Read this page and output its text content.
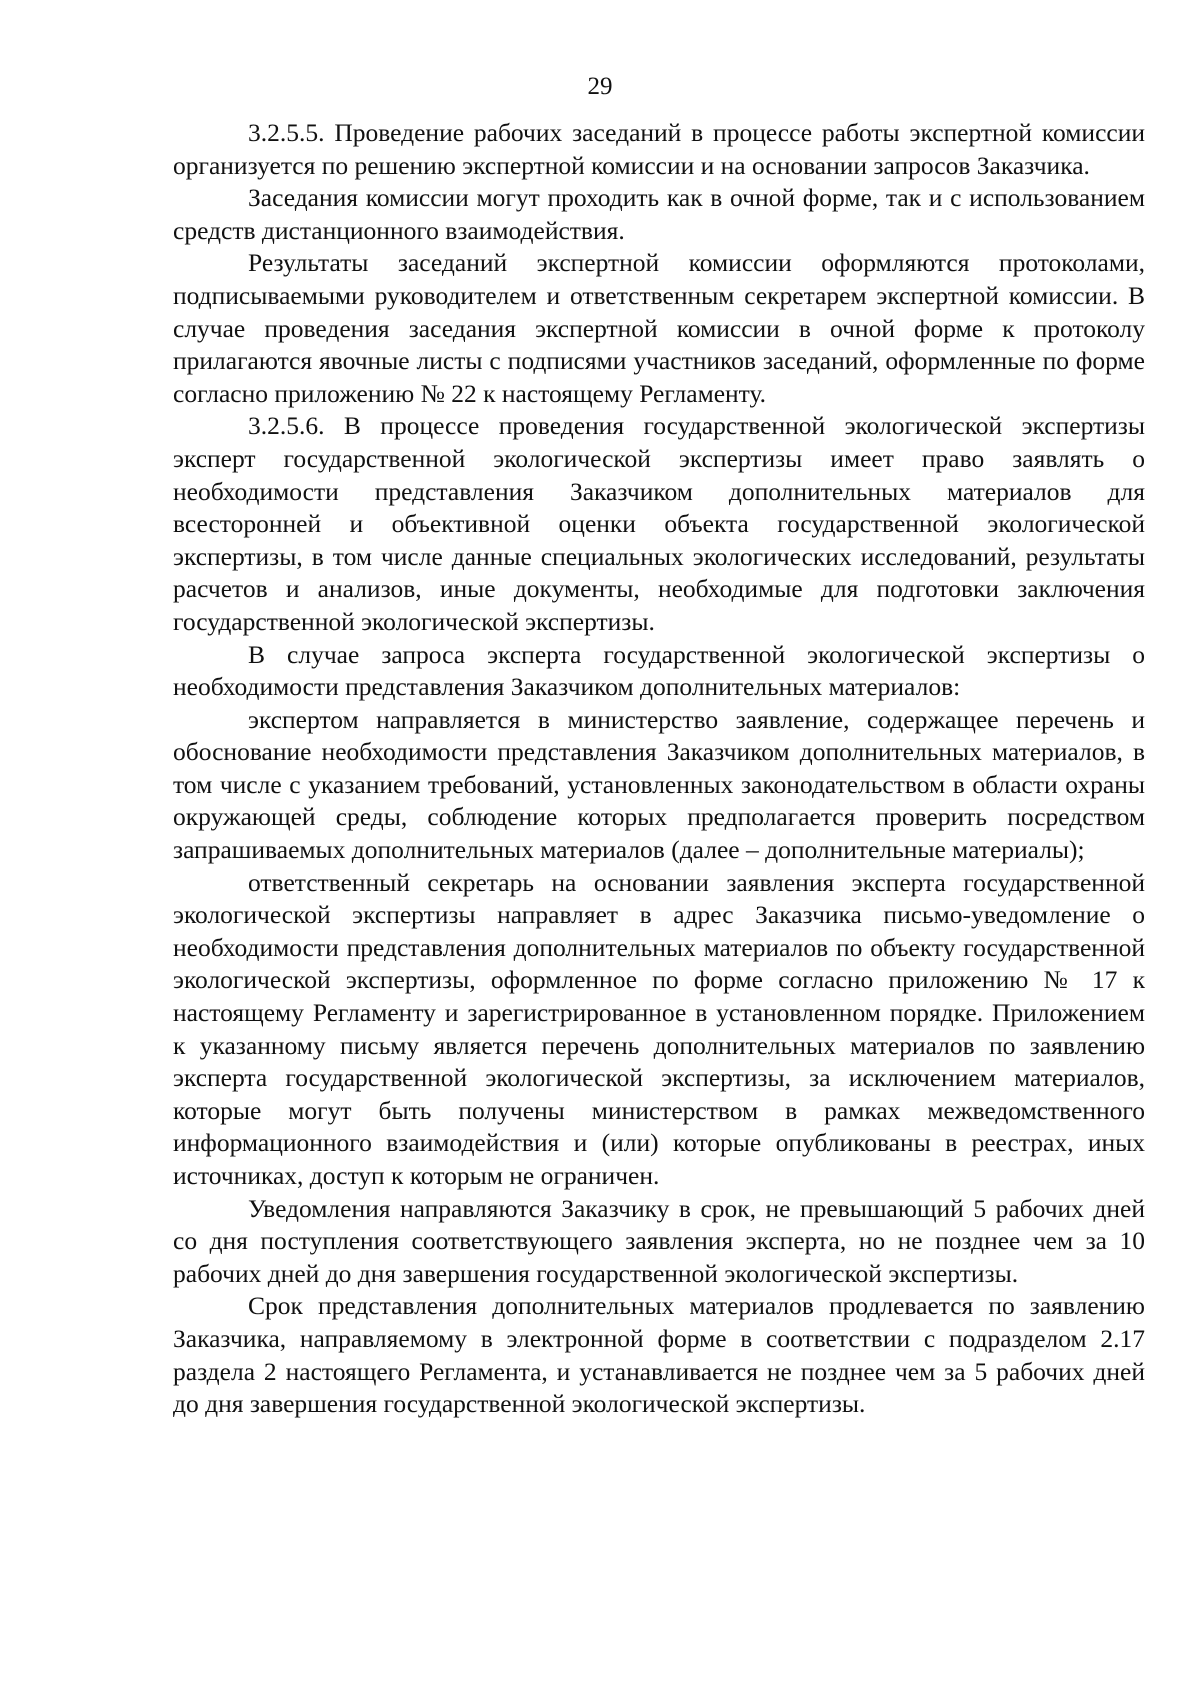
29

3.2.5.5. Проведение рабочих заседаний в процессе работы экспертной комиссии организуется по решению экспертной комиссии и на основании запросов Заказчика.

Заседания комиссии могут проходить как в очной форме, так и с использованием средств дистанционного взаимодействия.

Результаты заседаний экспертной комиссии оформляются протоколами, подписываемыми руководителем и ответственным секретарем экспертной комиссии. В случае проведения заседания экспертной комиссии в очной форме к протоколу прилагаются явочные листы с подписями участников заседаний, оформленные по форме согласно приложению № 22 к настоящему Регламенту.

3.2.5.6. В процессе проведения государственной экологической экспертизы эксперт государственной экологической экспертизы имеет право заявлять о необходимости представления Заказчиком дополнительных материалов для всесторонней и объективной оценки объекта государственной экологической экспертизы, в том числе данные специальных экологических исследований, результаты расчетов и анализов, иные документы, необходимые для подготовки заключения государственной экологической экспертизы.

В случае запроса эксперта государственной экологической экспертизы о необходимости представления Заказчиком дополнительных материалов:

экспертом направляется в министерство заявление, содержащее перечень и обоснование необходимости представления Заказчиком дополнительных материалов, в том числе с указанием требований, установленных законодательством в области охраны окружающей среды, соблюдение которых предполагается проверить посредством запрашиваемых дополнительных материалов (далее – дополнительные материалы);

ответственный секретарь на основании заявления эксперта государственной экологической экспертизы направляет в адрес Заказчика письмо-уведомление о необходимости представления дополнительных материалов по объекту государственной экологической экспертизы, оформленное по форме согласно приложению № 17 к настоящему Регламенту и зарегистрированное в установленном порядке. Приложением к указанному письму является перечень дополнительных материалов по заявлению эксперта государственной экологической экспертизы, за исключением материалов, которые могут быть получены министерством в рамках межведомственного информационного взаимодействия и (или) которые опубликованы в реестрах, иных источниках, доступ к которым не ограничен.

Уведомления направляются Заказчику в срок, не превышающий 5 рабочих дней со дня поступления соответствующего заявления эксперта, но не позднее чем за 10 рабочих дней до дня завершения государственной экологической экспертизы.

Срок представления дополнительных материалов продлевается по заявлению Заказчика, направляемому в электронной форме в соответствии с подразделом 2.17 раздела 2 настоящего Регламента, и устанавливается не позднее чем за 5 рабочих дней до дня завершения государственной экологической экспертизы.
